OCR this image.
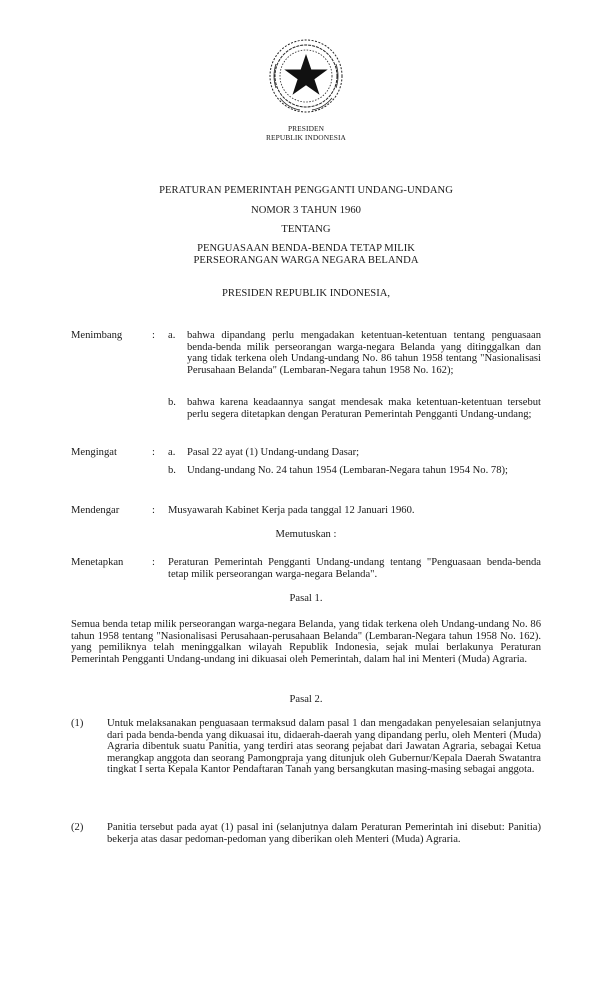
PRESIDEN
REPUBLIK INDONESIA
PERATURAN PEMERINTAH PENGGANTI UNDANG-UNDANG
NOMOR 3 TAHUN 1960
TENTANG
PENGUASAAN BENDA-BENDA TETAP MILIK
PERSEORANGAN WARGA NEGARA BELANDA
PRESIDEN REPUBLIK INDONESIA,
Menimbang	: a. bahwa dipandang perlu mengadakan ketentuan-ketentuan tentang penguasaan benda-benda milik perseorangan warga-negara Belanda yang ditinggalkan dan yang tidak terkena oleh Undang-undang No. 86 tahun 1958 tentang "Nasionalisasi Perusahaan Belanda" (Lembaran-Negara tahun 1958 No. 162);
b. bahwa karena keadaannya sangat mendesak maka ketentuan-ketentuan tersebut perlu segera ditetapkan dengan Peraturan Pemerintah Pengganti Undang-undang;
Mengingat	: a. Pasal 22 ayat (1) Undang-undang Dasar;
b. Undang-undang No. 24 tahun 1954 (Lembaran-Negara tahun 1954 No. 78);
Mendengar	: Musyawarah Kabinet Kerja pada tanggal 12 Januari 1960.
Memutuskan :
Menetapkan	: Peraturan Pemerintah Pengganti Undang-undang tentang "Penguasaan benda-benda tetap milik perseorangan warga-negara Belanda".
Pasal 1.
Semua benda tetap milik perseorangan warga-negara Belanda, yang tidak terkena oleh Undang-undang No. 86 tahun 1958 tentang "Nasionalisasi Perusahaan-perusahaan Belanda" (Lembaran-Negara tahun 1958 No. 162). yang pemiliknya telah meninggalkan wilayah Republik Indonesia, sejak mulai berlakunya Peraturan Pemerintah Pengganti Undang-undang ini dikuasai oleh Pemerintah, dalam hal ini Menteri (Muda) Agraria.
Pasal 2.
(1) Untuk melaksanakan penguasaan termaksud dalam pasal 1 dan mengadakan penyelesaian selanjutnya dari pada benda-benda yang dikuasai itu, didaerah-daerah yang dipandang perlu, oleh Menteri (Muda) Agraria dibentuk suatu Panitia, yang terdiri atas seorang pejabat dari Jawatan Agraria, sebagai Ketua merangkap anggota dan seorang Pamongpraja yang ditunjuk oleh Gubernur/Kepala Daerah Swatantra tingkat I serta Kepala Kantor Pendaftaran Tanah yang bersangkutan masing-masing sebagai anggota.
(2) Panitia tersebut pada ayat (1) pasal ini (selanjutnya dalam Peraturan Pemerintah ini disebut: Panitia) bekerja atas dasar pedoman-pedoman yang diberikan oleh Menteri (Muda) Agraria.
